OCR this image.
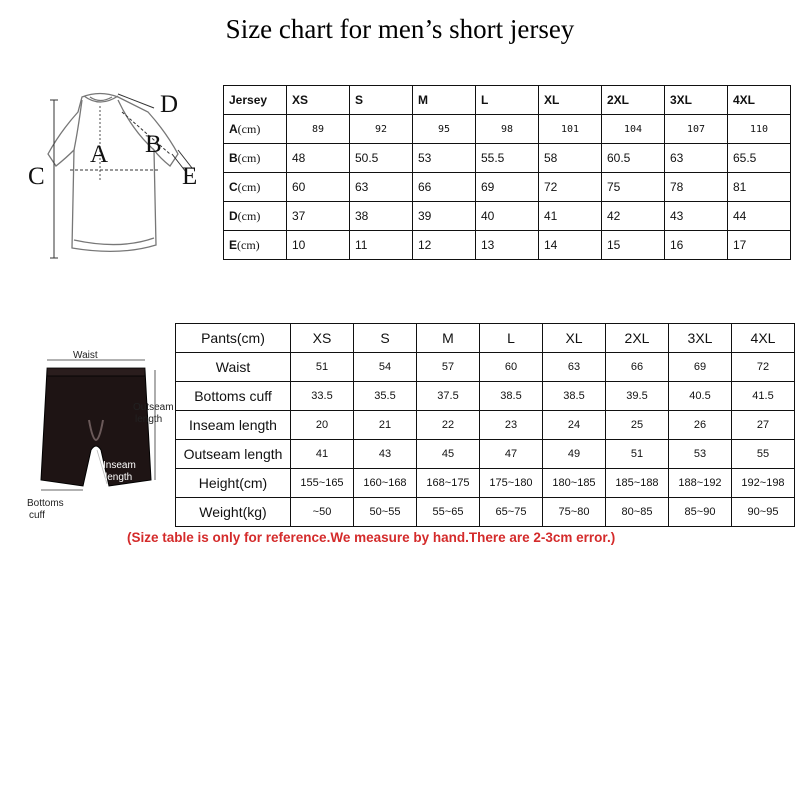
Size chart for men’s short jersey
A B
C
D
E
Jersey	XS	S	M	L	XL	2XL	3XL	4XL
A(cm)	89	92	95	98	101	104	107	110
B(cm)	48	50.5	53	55.5	58	60.5	63	65.5
C(cm)	60	63	66	69	72	75	78	81
D(cm)	37	38	39	40	41	42	43	44
E(cm)	10	11	12	13	14	15	16	17
Waist
Outseam
length
Inseam
length
Bottoms
cuff
Pants(cm)	XS	S	M	L	XL	2XL	3XL	4XL
Waist	51	54	57	60	63	66	69	72
Bottoms cuff	33.5	35.5	37.5	38.5	38.5	39.5	40.5	41.5
Inseam length	20	21	22	23	24	25	26	27
Outseam length	41	43	45	47	49	51	53	55
Height(cm)	155~165	160~168	168~175	175~180	180~185	185~188	188~192	192~198
Weight(kg)	~50	50~55	55~65	65~75	75~80	80~85	85~90	90~95
(Size table is only for reference.We measure by hand.There are 2-3cm error.)
